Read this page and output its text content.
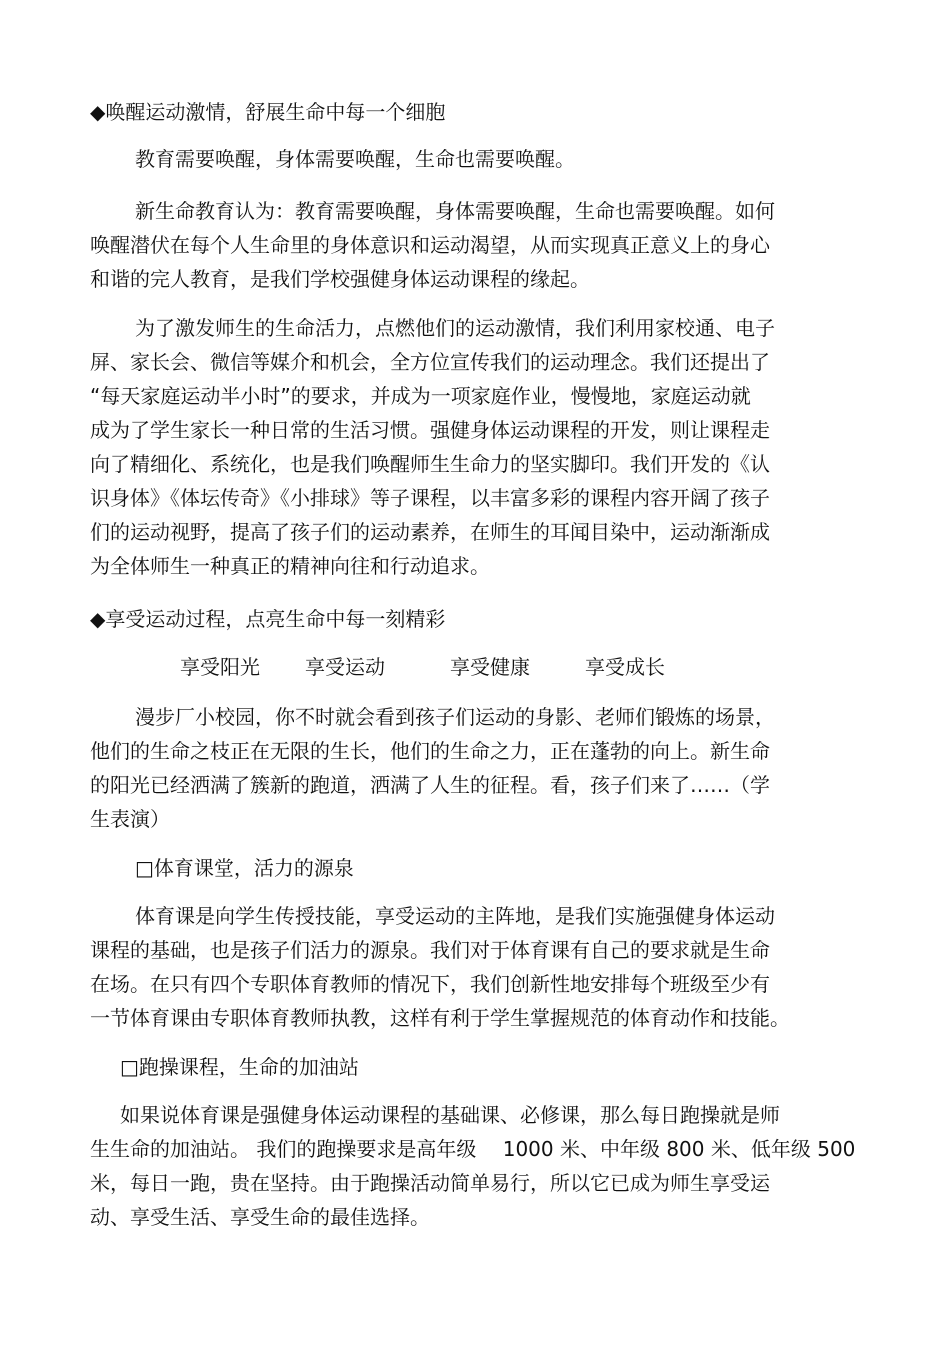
◆唤醒运动激情，舒展生命中每一个细胞
教育需要唤醒，身体需要唤醒，生命也需要唤醒。
新生命教育认为：教育需要唤醒，身体需要唤醒，生命也需要唤醒。如何
唤醒潜伏在每个人生命里的身体意识和运动渴望，从而实现真正意义上的身心
和谐的完人教育，是我们学校强健身体运动课程的缘起。
为了激发师生的生命活力，点燃他们的运动激情，我们利用家校通、电子
屏、家长会、微信等媒介和机会，全方位宣传我们的运动理念。我们还提出了
“每天家庭运动半小时”的要求，并成为一项家庭作业，慢慢地，家庭运动就
成为了学生家长一种日常的生活习惯。强健身体运动课程的开发，则让课程走
向了精细化、系统化，也是我们唤醒师生生命力的坚实脚印。我们开发的《认
识身体》《体坛传奇》《小排球》等子课程，以丰富多彩的课程内容开阔了孩子
们的运动视野，提高了孩子们的运动素养，在师生的耳闻目染中，运动渐渐成
为全体师生一种真正的精神向往和行动追求。
◆享受运动过程，点亮生命中每一刻精彩
享受阳光 享受运动	享受健康	享受成长
漫步厂小校园，你不时就会看到孩子们运动的身影、老师们锻炼的场景，
他们的生命之枝正在无限的生长，他们的生命之力，正在蓬勃的向上。新生命
的阳光已经洒满了簇新的跑道，洒满了人生的征程。看，孩子们来了……（学
生表演）
□体育课堂，活力的源泉
体育课是向学生传授技能，享受运动的主阵地，是我们实施强健身体运动
课程的基础，也是孩子们活力的源泉。我们对于体育课有自己的要求就是生命
在场。在只有四个专职体育教师的情况下，我们创新性地安排每个班级至少有
一节体育课由专职体育教师执教，这样有利于学生掌握规范的体育动作和技能。
□跑操课程，生命的加油站
如果说体育课是强健身体运动课程的基础课、必修课，那么每日跑操就是师
生生命的加油站。 我们的跑操要求是高年级 　1000 米、中年级 800 米、低年级 500
米，每日一跑，贵在坚持。由于跑操活动简单易行，所以它已成为师生享受运
动、享受生活、享受生命的最佳选择。
